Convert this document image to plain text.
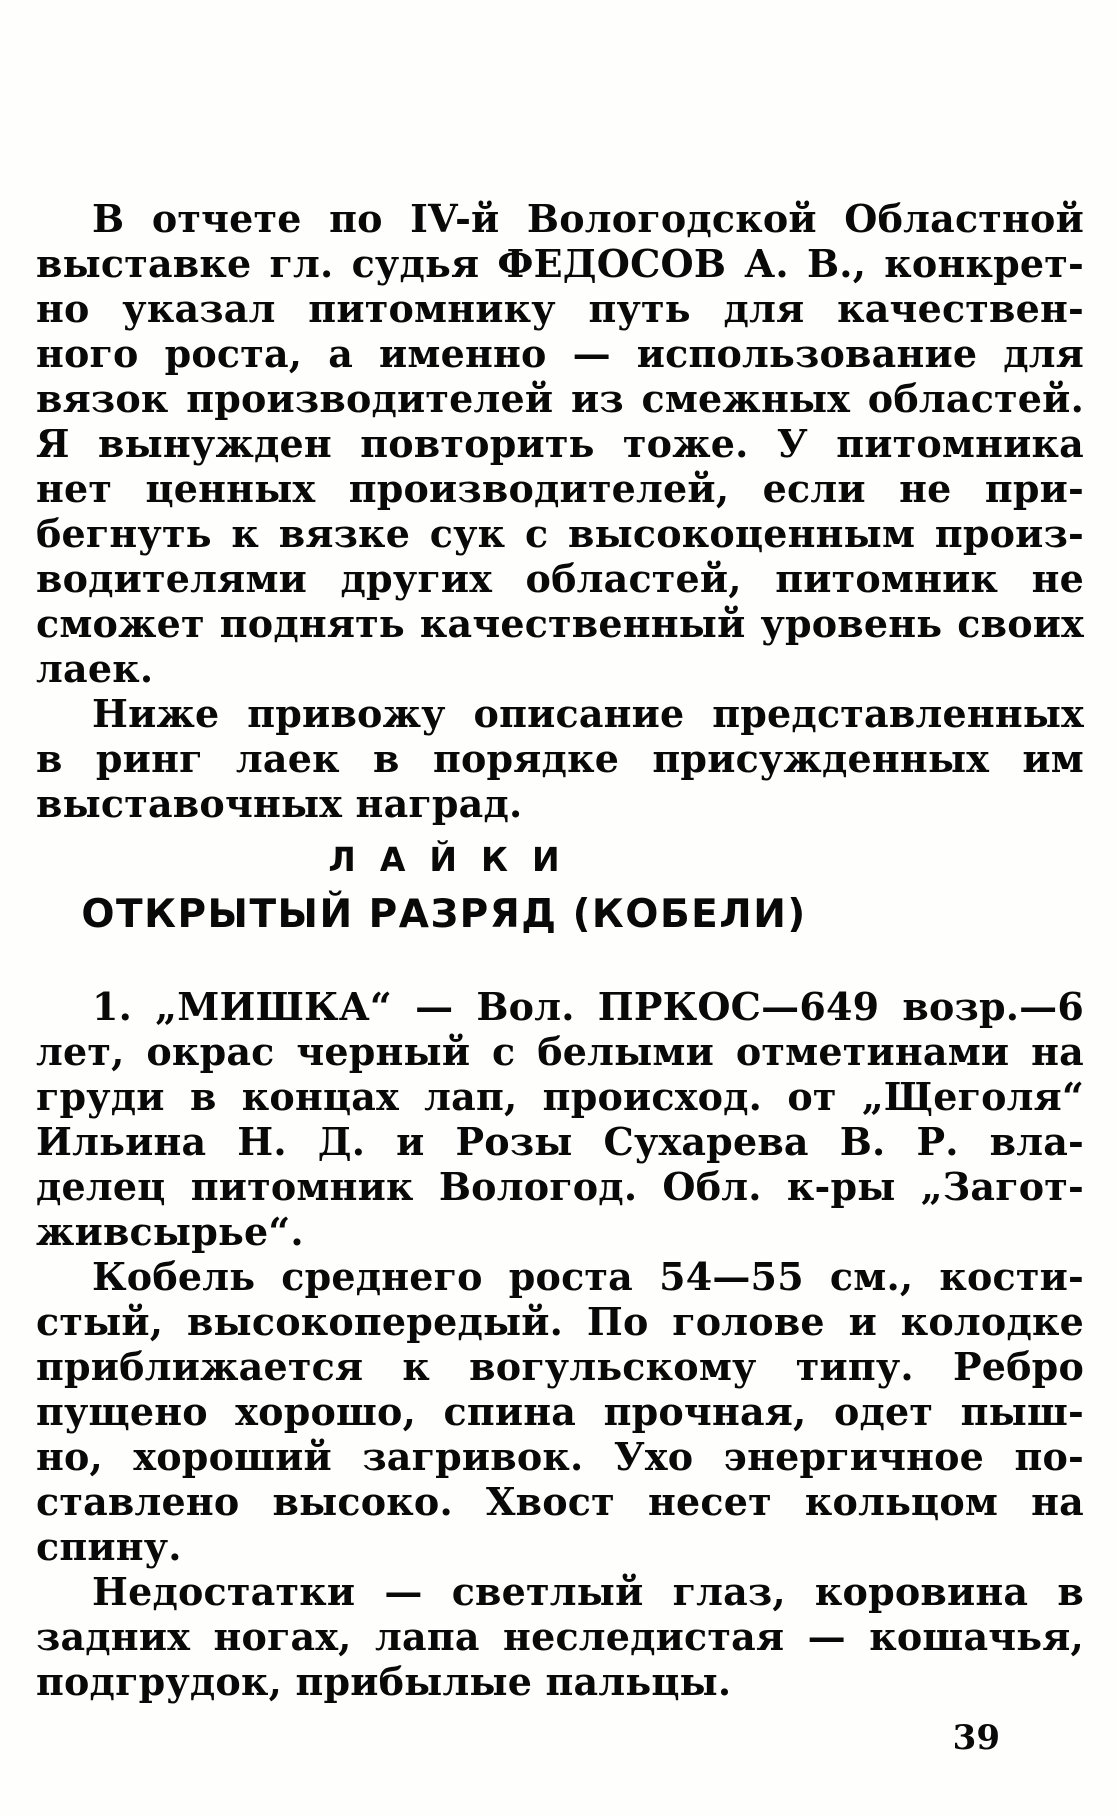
В отчете по IV-й Вологодской Областной
выставке гл. судья ФЕДОСОВ А. В., конкрет-
но указал питомнику путь для качествен-
ного роста, а именно — использование для
вязок производителей из смежных областей.
Я вынужден повторить тоже. У питомника
нет ценных производителей, если не при-
бегнуть к вязке сук с высокоценным произ-
водителями других областей, питомник не
сможет поднять качественный уровень своих
лаек.
Ниже привожу описание представленных
в ринг лаек в порядке присужденных им
выставочных наград.
ЛАЙКИ
ОТКРЫТЫЙ РАЗРЯД (КОБЕЛИ)
1. „МИШКА“ — Вол. ПРКОС—649 возр.—6
лет, окрас черный с белыми отметинами на
груди в концах лап, происход. от „Щеголя“
Ильина Н. Д. и Розы Сухарева В. Р. вла-
делец питомник Вологод. Обл. к-ры „Загот-
живсырье“.
Кобель среднего роста 54—55 см., кости-
стый, высокопередый. По голове и колодке
приближается к вогульскому типу. Ребро
пущено хорошо, спина прочная, одет пыш-
но, хороший загривок. Ухо энергичное по-
ставлено высоко. Хвост несет кольцом на
спину.
Недостатки — светлый глаз, коровина в
задних ногах, лапа неследистая — кошачья,
подгрудок, прибылые пальцы.
39
